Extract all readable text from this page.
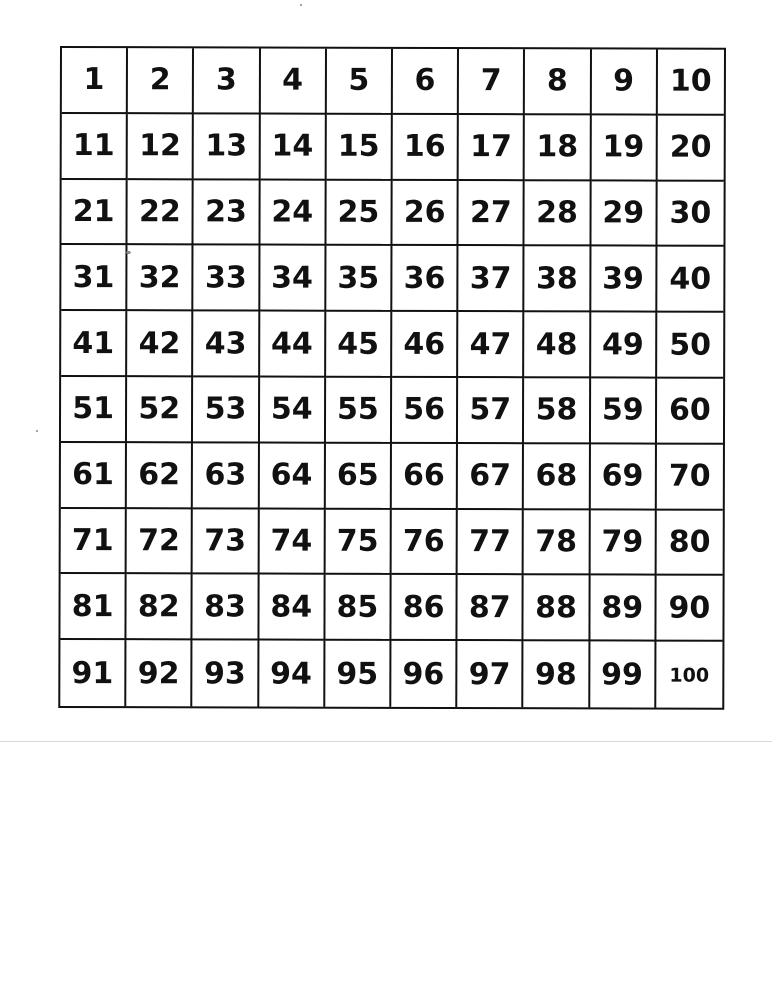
1	2	3	4	5	6	7	8	9	10
11 12 13 14 15 16 17 18 19 20
21 22 23 24 25 26 27 28 29 30
31 32 33 34 35 36 37 38 39 40
41 42 43 44 45 46 47 48 49 50
51 52 53 54 55 56 57 58 59 60
61 62 63 64 65 66 67 68 69 70
71 72 73 74 75 76 77 78 79 80
81 82 83 84 85 86 87 88 89 90
91 92 93 94 95 96 97 98 99	100
